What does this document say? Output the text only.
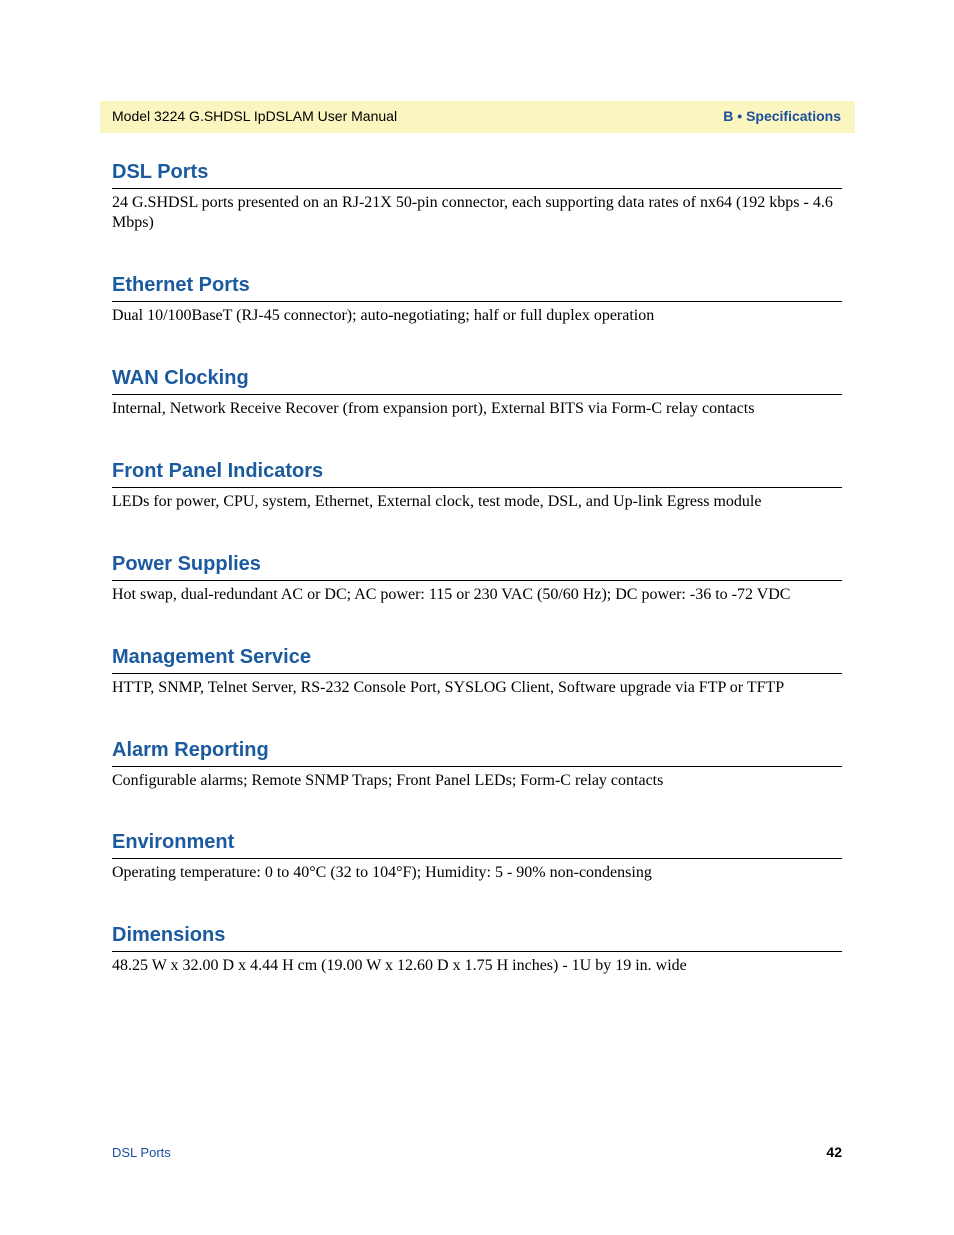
Model 3224 G.SHDSL IpDSLAM User Manual	B • Specifications
DSL Ports

24 G.SHDSL ports presented on an RJ-21X 50-pin connector, each supporting data rates of nx64 (192 kbps - 4.6 Mbps)

Ethernet Ports

Dual 10/100BaseT (RJ-45 connector); auto-negotiating; half or full duplex operation

WAN Clocking

Internal, Network Receive Recover (from expansion port), External BITS via Form-C relay contacts

Front Panel Indicators

LEDs for power, CPU, system, Ethernet, External clock, test mode, DSL, and Up-link Egress module

Power Supplies

Hot swap, dual-redundant AC or DC; AC power: 115 or 230 VAC (50/60 Hz); DC power: -36 to -72 VDC

Management Service

HTTP, SNMP, Telnet Server, RS-232 Console Port, SYSLOG Client, Software upgrade via FTP or TFTP

Alarm Reporting

Configurable alarms; Remote SNMP Traps; Front Panel LEDs; Form-C relay contacts

Environment

Operating temperature: 0 to 40°C (32 to 104°F); Humidity: 5 - 90% non-condensing

Dimensions

48.25 W x 32.00 D x 4.44 H cm (19.00 W x 12.60 D x 1.75 H inches) - 1U by 19 in. wide

DSL Ports	42
